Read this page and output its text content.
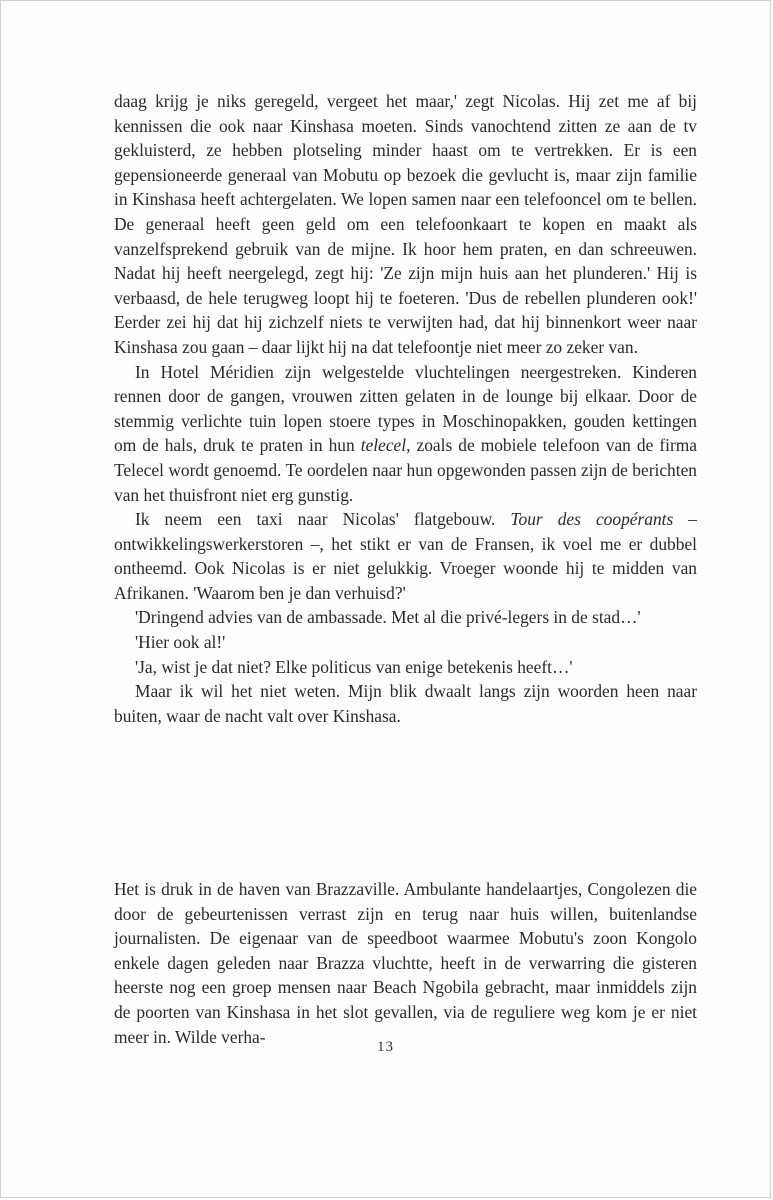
daag krijg je niks geregeld, vergeet het maar,' zegt Nicolas. Hij zet me af bij kennissen die ook naar Kinshasa moeten. Sinds vanochtend zitten ze aan de tv gekluisterd, ze hebben plotseling minder haast om te vertrekken. Er is een gepensioneerde generaal van Mobutu op bezoek die gevlucht is, maar zijn familie in Kinshasa heeft achtergelaten. We lopen samen naar een telefooncel om te bellen. De generaal heeft geen geld om een telefoonkaart te kopen en maakt als vanzelfsprekend gebruik van de mijne. Ik hoor hem praten, en dan schreeuwen. Nadat hij heeft neergelegd, zegt hij: 'Ze zijn mijn huis aan het plunderen.' Hij is verbaasd, de hele terugweg loopt hij te foeteren. 'Dus de rebellen plunderen ook!' Eerder zei hij dat hij zichzelf niets te verwijten had, dat hij binnenkort weer naar Kinshasa zou gaan – daar lijkt hij na dat telefoontje niet meer zo zeker van.

In Hotel Méridien zijn welgestelde vluchtelingen neergestreken. Kinderen rennen door de gangen, vrouwen zitten gelaten in de lounge bij elkaar. Door de stemmig verlichte tuin lopen stoere types in Moschinopakken, gouden kettingen om de hals, druk te praten in hun telecel, zoals de mobiele telefoon van de firma Telecel wordt genoemd. Te oordelen naar hun opgewonden passen zijn de berichten van het thuisfront niet erg gunstig.

Ik neem een taxi naar Nicolas' flatgebouw. Tour des coopérants – ontwikkelingswerkerstoren –, het stikt er van de Fransen, ik voel me er dubbel ontheemd. Ook Nicolas is er niet gelukkig. Vroeger woonde hij te midden van Afrikanen. 'Waarom ben je dan verhuisd?'

'Dringend advies van de ambassade. Met al die privé-legers in de stad…'

'Hier ook al!'

'Ja, wist je dat niet? Elke politicus van enige betekenis heeft…'

Maar ik wil het niet weten. Mijn blik dwaalt langs zijn woorden heen naar buiten, waar de nacht valt over Kinshasa.

Het is druk in de haven van Brazzaville. Ambulante handelaartjes, Congolezen die door de gebeurtenissen verrast zijn en terug naar huis willen, buitenlandse journalisten. De eigenaar van de speedboot waarmee Mobutu's zoon Kongolo enkele dagen geleden naar Brazza vluchtte, heeft in de verwarring die gisteren heerste nog een groep mensen naar Beach Ngobila gebracht, maar inmiddels zijn de poorten van Kinshasa in het slot gevallen, via de reguliere weg kom je er niet meer in. Wilde verha-

13
